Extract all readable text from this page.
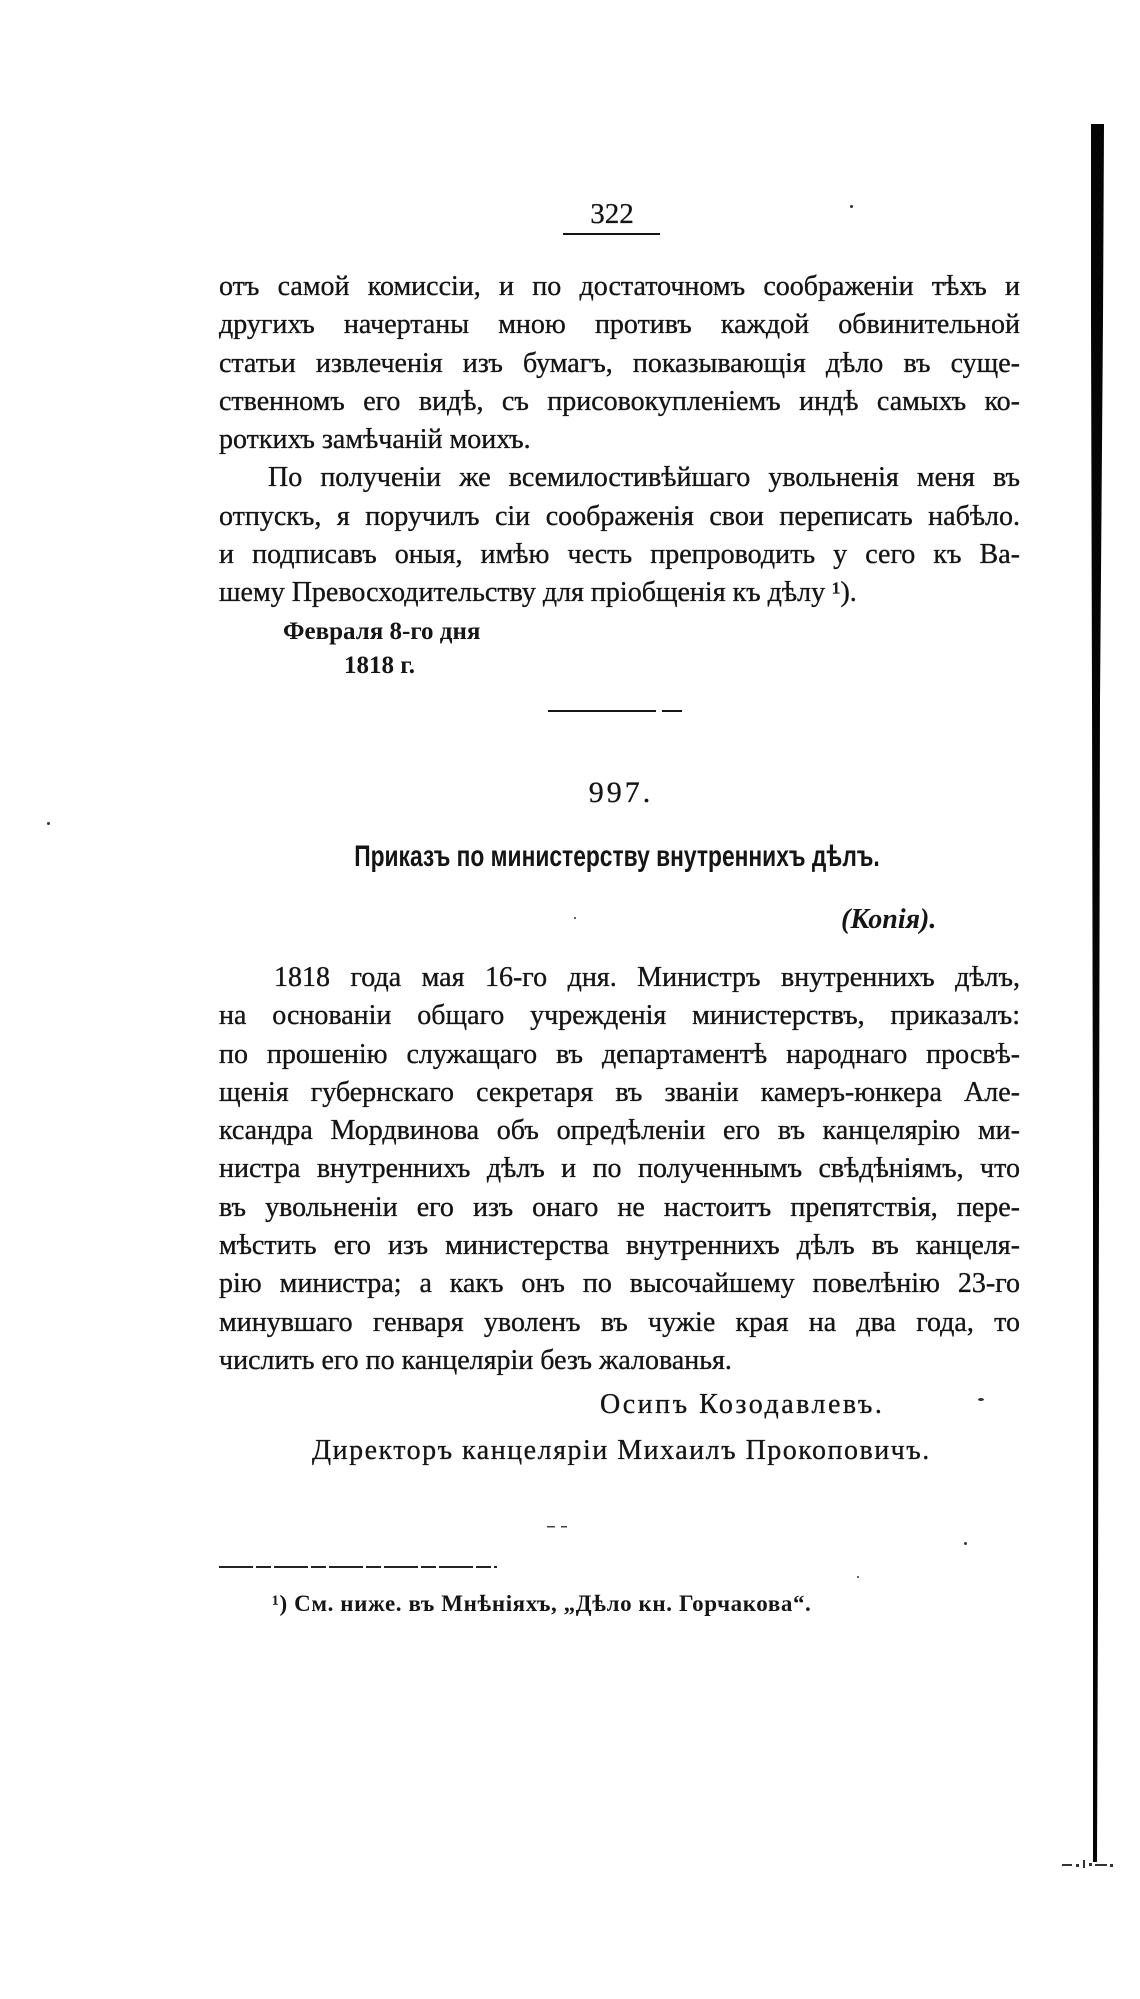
322
отъ самой комиссіи, и по достаточномъ соображеніи тѣхъ и
другихъ начертаны мною противъ каждой обвинительной
статьи извлеченія изъ бумагъ, показывающія дѣло въ суще-
ственномъ его видѣ, съ присовокупленіемъ индѣ самыхъ ко-
роткихъ замѣчаній моихъ.
По полученіи же всемилостивѣйшаго увольненія меня въ
отпускъ, я поручилъ сіи соображенія свои переписать набѣло.
и подписавъ оныя, имѣю честь препроводить у сего къ Ва-
шему Превосходительству для пріобщенія къ дѣлу ¹).
Февраля 8-го дня
1818 г.
997.
Приказъ по министерству внутреннихъ дѣлъ.
(Копія).
1818 года мая 16-го дня. Министръ внутреннихъ дѣлъ,
на основаніи общаго учрежденія министерствъ, приказалъ:
по прошенію служащаго въ департаментѣ народнаго просвѣ-
щенія губернскаго секретаря въ званіи камеръ-юнкера Але-
ксандра Мордвинова объ опредѣленіи его въ канцелярію ми-
нистра внутреннихъ дѣлъ и по полученнымъ свѣдѣніямъ, что
въ увольненіи его изъ онаго не настоитъ препятствія, пере-
мѣстить его изъ министерства внутреннихъ дѣлъ въ канцеля-
рію министра; а какъ онъ по высочайшему повелѣнію 23-го
минувшаго генваря уволенъ въ чужіе края на два года, то
числить его по канцеляріи безъ жалованья.
Осипъ Козодавлевъ.
Директоръ канцеляріи Михаилъ Прокоповичъ.
¹) См. ниже. въ Мнѣніяхъ, „Дѣло кн. Горчакова“.
